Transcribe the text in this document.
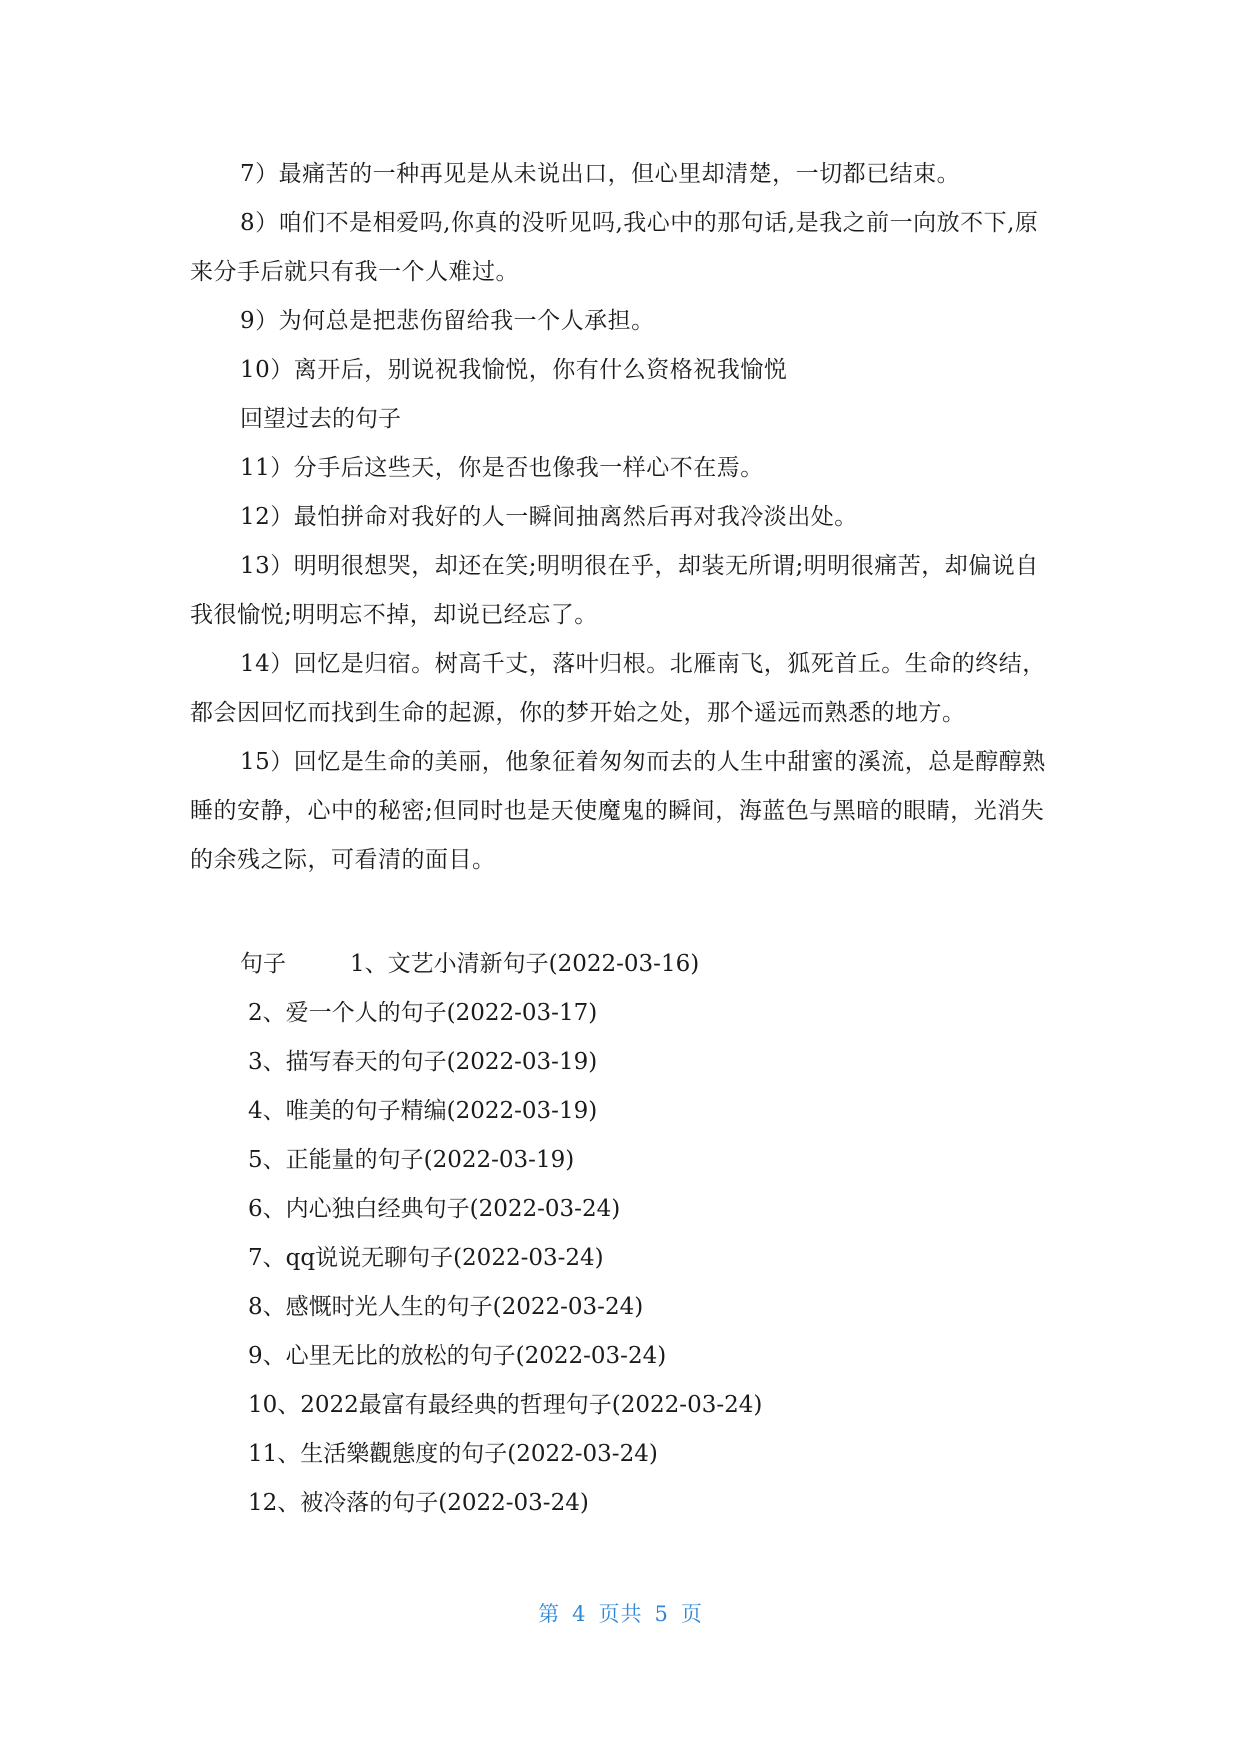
7）最痛苦的一种再见是从未说出口，但心里却清楚，一切都已结束。

8）咱们不是相爱吗,你真的没听见吗,我心中的那句话,是我之前一向放不下,原来分手后就只有我一个人难过。

9）为何总是把悲伤留给我一个人承担。

10）离开后，别说祝我愉悦，你有什么资格祝我愉悦

回望过去的句子

11）分手后这些天，你是否也像我一样心不在焉。

12）最怕拼命对我好的人一瞬间抽离然后再对我冷淡出处。

13）明明很想哭，却还在笑;明明很在乎，却装无所谓;明明很痛苦，却偏说自我很愉悦;明明忘不掉，却说已经忘了。

14）回忆是归宿。树高千丈，落叶归根。北雁南飞，狐死首丘。生命的终结，都会因回忆而找到生命的起源，你的梦开始之处，那个遥远而熟悉的地方。

15）回忆是生命的美丽，他象征着匆匆而去的人生中甜蜜的溪流，总是醇醇熟睡的安静，心中的秘密;但同时也是天使魔鬼的瞬间，海蓝色与黑暗的眼睛，光消失的余残之际，可看清的面目。

句子	1、文艺小清新句子(2022-03-16)

2、爱一个人的句子(2022-03-17)

3、描写春天的句子(2022-03-19)

4、唯美的句子精编(2022-03-19)

5、正能量的句子(2022-03-19)

6、内心独白经典句子(2022-03-24)

7、qq说说无聊句子(2022-03-24)

8、感慨时光人生的句子(2022-03-24)

9、心里无比的放松的句子(2022-03-24)

10、2022最富有最经典的哲理句子(2022-03-24)

11、生活樂觀態度的句子(2022-03-24)

12、被冷落的句子(2022-03-24)

第 4 页共 5 页
